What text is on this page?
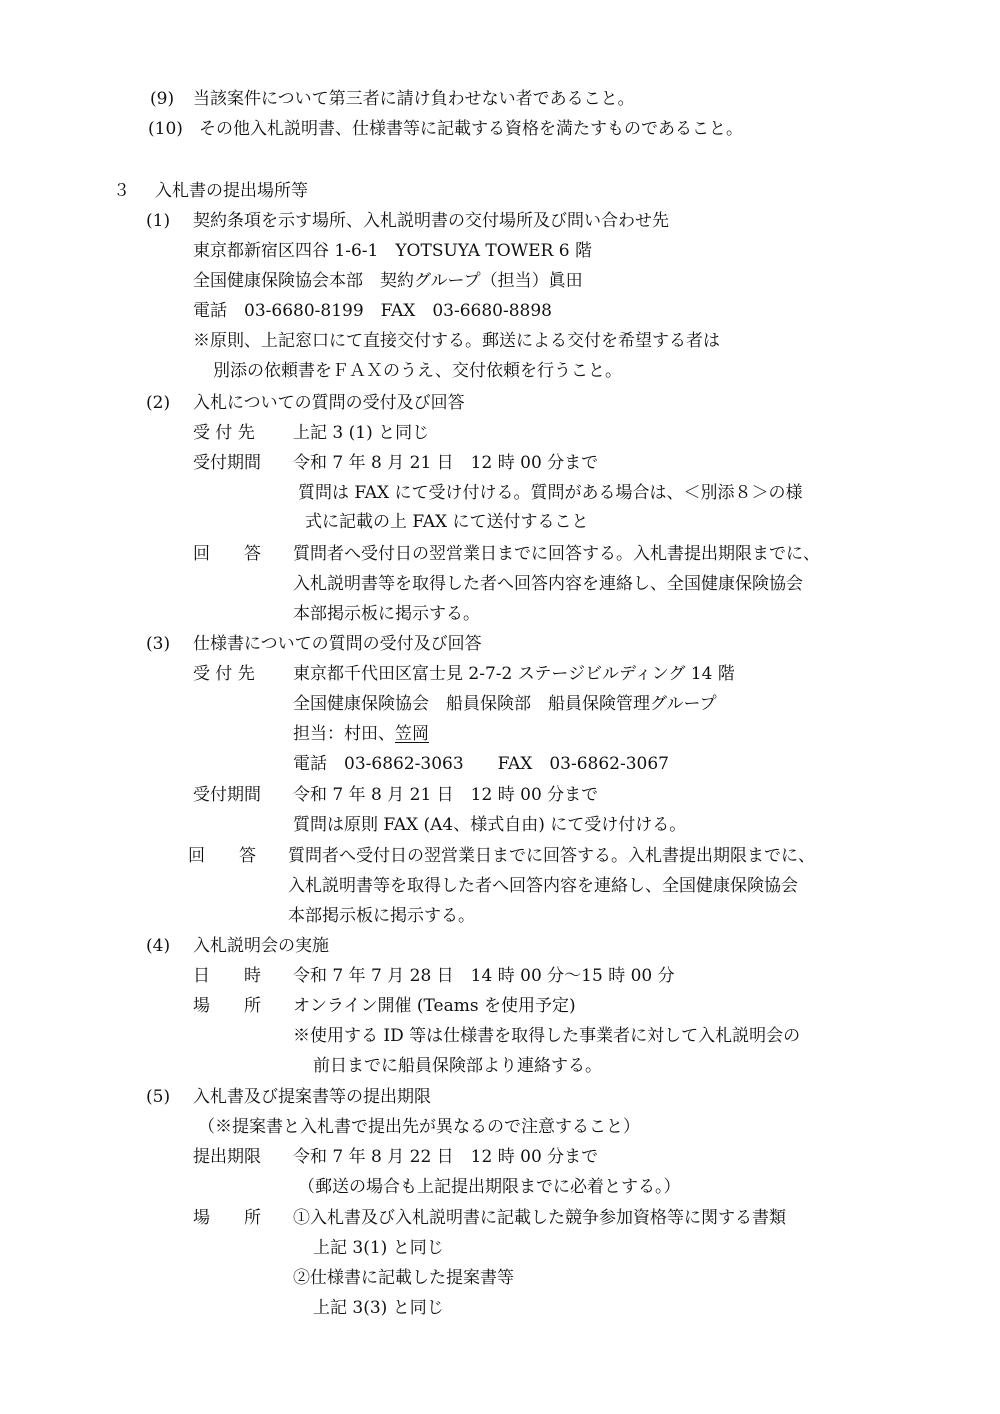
(9) 当該案件について第三者に請け負わせない者であること。
(10) その他入札説明書、仕様書等に記載する資格を満たすものであること。
３ 入札書の提出場所等
(1) 契約条項を示す場所、入札説明書の交付場所及び問い合わせ先
東京都新宿区四谷 1-6-1　YOTSUYA TOWER 6 階
全国健康保険協会本部　契約グループ（担当）眞田
電話　03-6680-8199　FAX　03-6680-8898
※原則、上記窓口にて直接交付する。郵送による交付を希望する者は
別添の依頼書をＦＡＸのうえ、交付依頼を行うこと。
(2) 入札についての質問の受付及び回答
受 付 先 上記 3 (1) と同じ
受付期間 令和 7 年 8 月 21 日　12 時 00 分まで
質問は FAX にて受け付ける。質問がある場合は、＜別添８＞の様
式に記載の上 FAX にて送付すること
回　　答 質問者へ受付日の翌営業日までに回答する。入札書提出期限までに、
入札説明書等を取得した者へ回答内容を連絡し、全国健康保険協会
本部掲示板に掲示する。
(3) 仕様書についての質問の受付及び回答
受 付 先 東京都千代田区富士見 2-7-2 ステージビルディング 14 階
全国健康保険協会　船員保険部　船員保険管理グループ
担当：村田、笠岡
電話　03-6862-3063　　FAX　03-6862-3067
受付期間 令和 7 年 8 月 21 日　12 時 00 分まで
質問は原則 FAX (A4、様式自由) にて受け付ける。
回　　答 質問者へ受付日の翌営業日までに回答する。入札書提出期限までに、
入札説明書等を取得した者へ回答内容を連絡し、全国健康保険協会
本部掲示板に掲示する。
(4) 入札説明会の実施
日　　時 令和 7 年 7 月 28 日　14 時 00 分～15 時 00 分
場　　所 オンライン開催 (Teams を使用予定)
※使用する ID 等は仕様書を取得した事業者に対して入札説明会の
前日までに船員保険部より連絡する。
(5) 入札書及び提案書等の提出期限
（※提案書と入札書で提出先が異なるので注意すること）
提出期限 令和 7 年 8 月 22 日　12 時 00 分まで
（郵送の場合も上記提出期限までに必着とする。）
場　　所 ①入札書及び入札説明書に記載した競争参加資格等に関する書類
上記 3(1) と同じ
②仕様書に記載した提案書等
上記 3(3) と同じ
